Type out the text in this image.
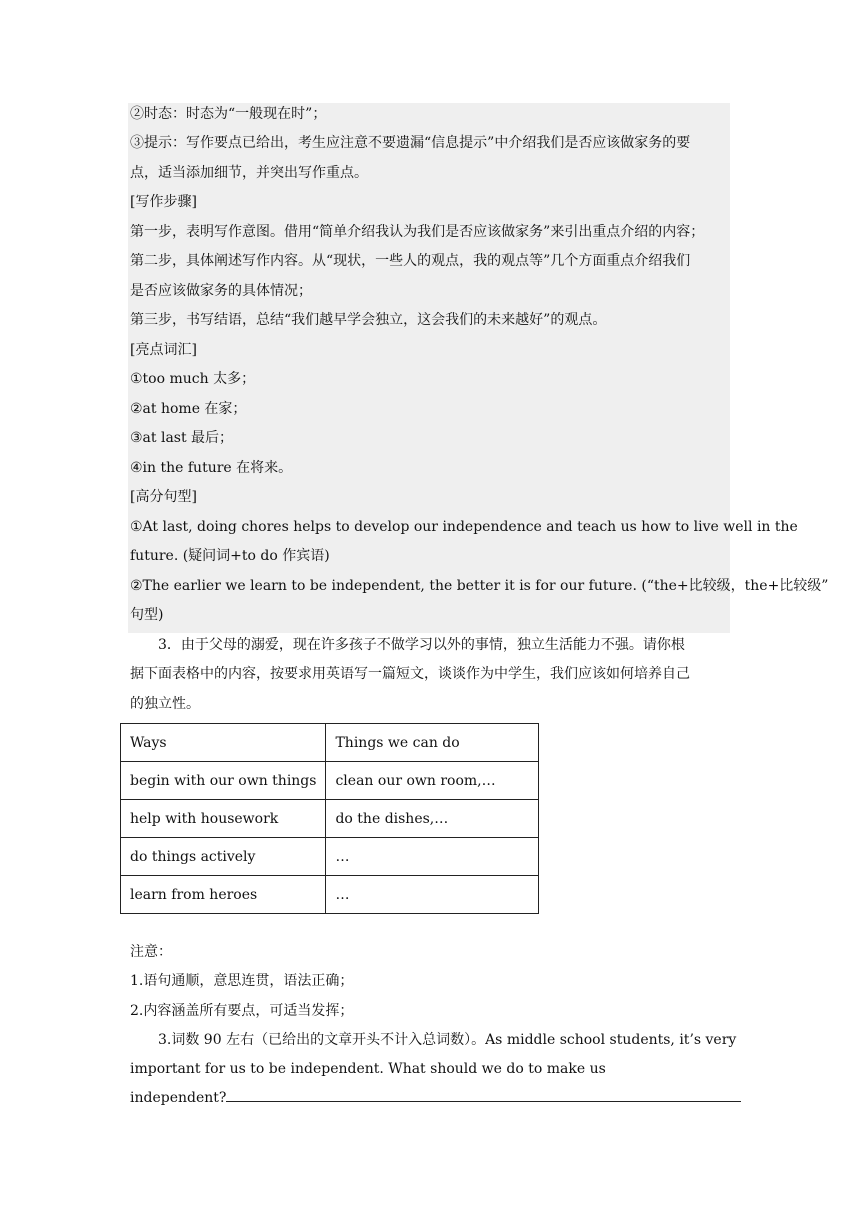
②时态：时态为“一般现在时”；
③提示：写作要点已给出，考生应注意不要遗漏“信息提示”中介绍我们是否应该做家务的要
点，适当添加细节，并突出写作重点。
[写作步骤]
第一步，表明写作意图。借用“简单介绍我认为我们是否应该做家务”来引出重点介绍的内容；
第二步，具体阐述写作内容。从“现状，一些人的观点，我的观点等”几个方面重点介绍我们
是否应该做家务的具体情况；
第三步，书写结语，总结“我们越早学会独立，这会我们的未来越好”的观点。
[亮点词汇]
①too much 太多；
②at home 在家；
③at last 最后；
④in the future 在将来。
[高分句型]
①At last, doing chores helps to develop our independence and teach us how to live well in the
future. (疑问词+to do 作宾语)
②The earlier we learn to be independent, the better it is for our future. (“the+比较级，the+比较级”
句型)
3．由于父母的溺爱，现在许多孩子不做学习以外的事情，独立生活能力不强。请你根
据下面表格中的内容，按要求用英语写一篇短文，谈谈作为中学生，我们应该如何培养自己
的独立性。
Ways	Things we can do
begin with our own things	clean our own room,…
help with housework	do the dishes,…
do things actively	…
learn from heroes	…
注意：
1.语句通顺，意思连贯，语法正确；
2.内容涵盖所有要点，可适当发挥；
3.词数 90 左右（已给出的文章开头不计入总词数）。As middle school students, it’s very
important for us to be independent. What should we do to make us
independent?
